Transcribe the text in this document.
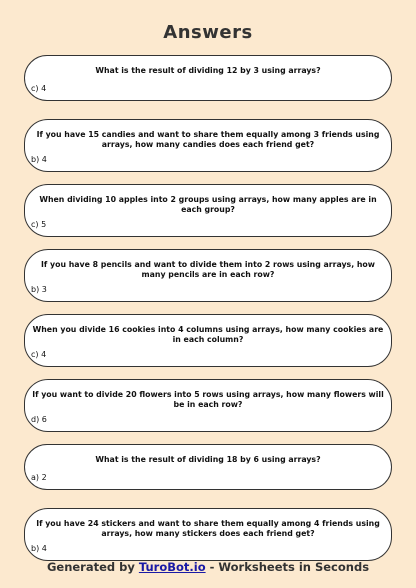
Answers
What is the result of dividing 12 by 3 using arrays?
c) 4
If you have 15 candies and want to share them equally among 3 friends using arrays, how many candies does each friend get?
b) 4
When dividing 10 apples into 2 groups using arrays, how many apples are in each group?
c) 5
If you have 8 pencils and want to divide them into 2 rows using arrays, how many pencils are in each row?
b) 3
When you divide 16 cookies into 4 columns using arrays, how many cookies are in each column?
c) 4
If you want to divide 20 flowers into 5 rows using arrays, how many flowers will be in each row?
d) 6
What is the result of dividing 18 by 6 using arrays?
a) 2
If you have 24 stickers and want to share them equally among 4 friends using arrays, how many stickers does each friend get?
b) 4
Generated by TuroBot.io - Worksheets in Seconds
